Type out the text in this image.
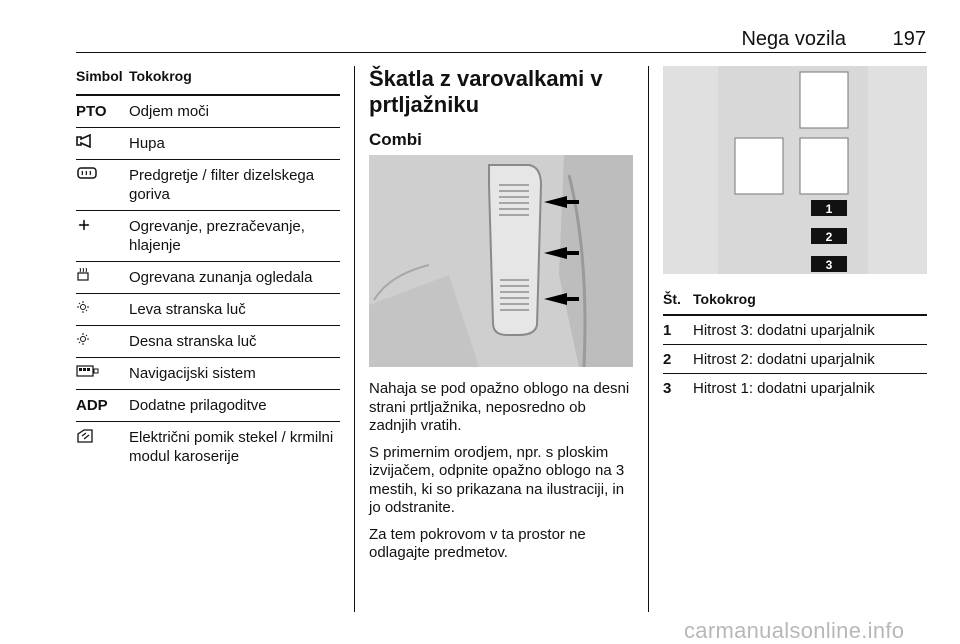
Nega vozila 197
Simbol Tokokrog
PTO	Odjem moči
Hupa
Predgretje / filter dizelskega goriva
Ogrevanje, prezračevanje, hlajenje
Ogrevana zunanja ogledala
Leva stranska luč
Desna stranska luč
Navigacijski sistem
ADP	Dodatne prilagoditve
Električni pomik stekel / krmilni modul karoserije
Škatla z varovalkami v prtljažniku
Combi

Nahaja se pod opažno oblogo na desni strani prtljažnika, neposredno ob zadnjih vratih.

S primernim orodjem, npr. s ploskim izvijačem, odpnite opažno oblogo na 3 mestih, ki so prikazana na ilustraciji, in jo odstranite.

Za tem pokrovom v ta prostor ne odlagajte predmetov.

1
2
3
Št. Tokokrog
1 Hitrost 3: dodatni uparjalnik
2 Hitrost 2: dodatni uparjalnik
3 Hitrost 1: dodatni uparjalnik
carmanualsonline.info
